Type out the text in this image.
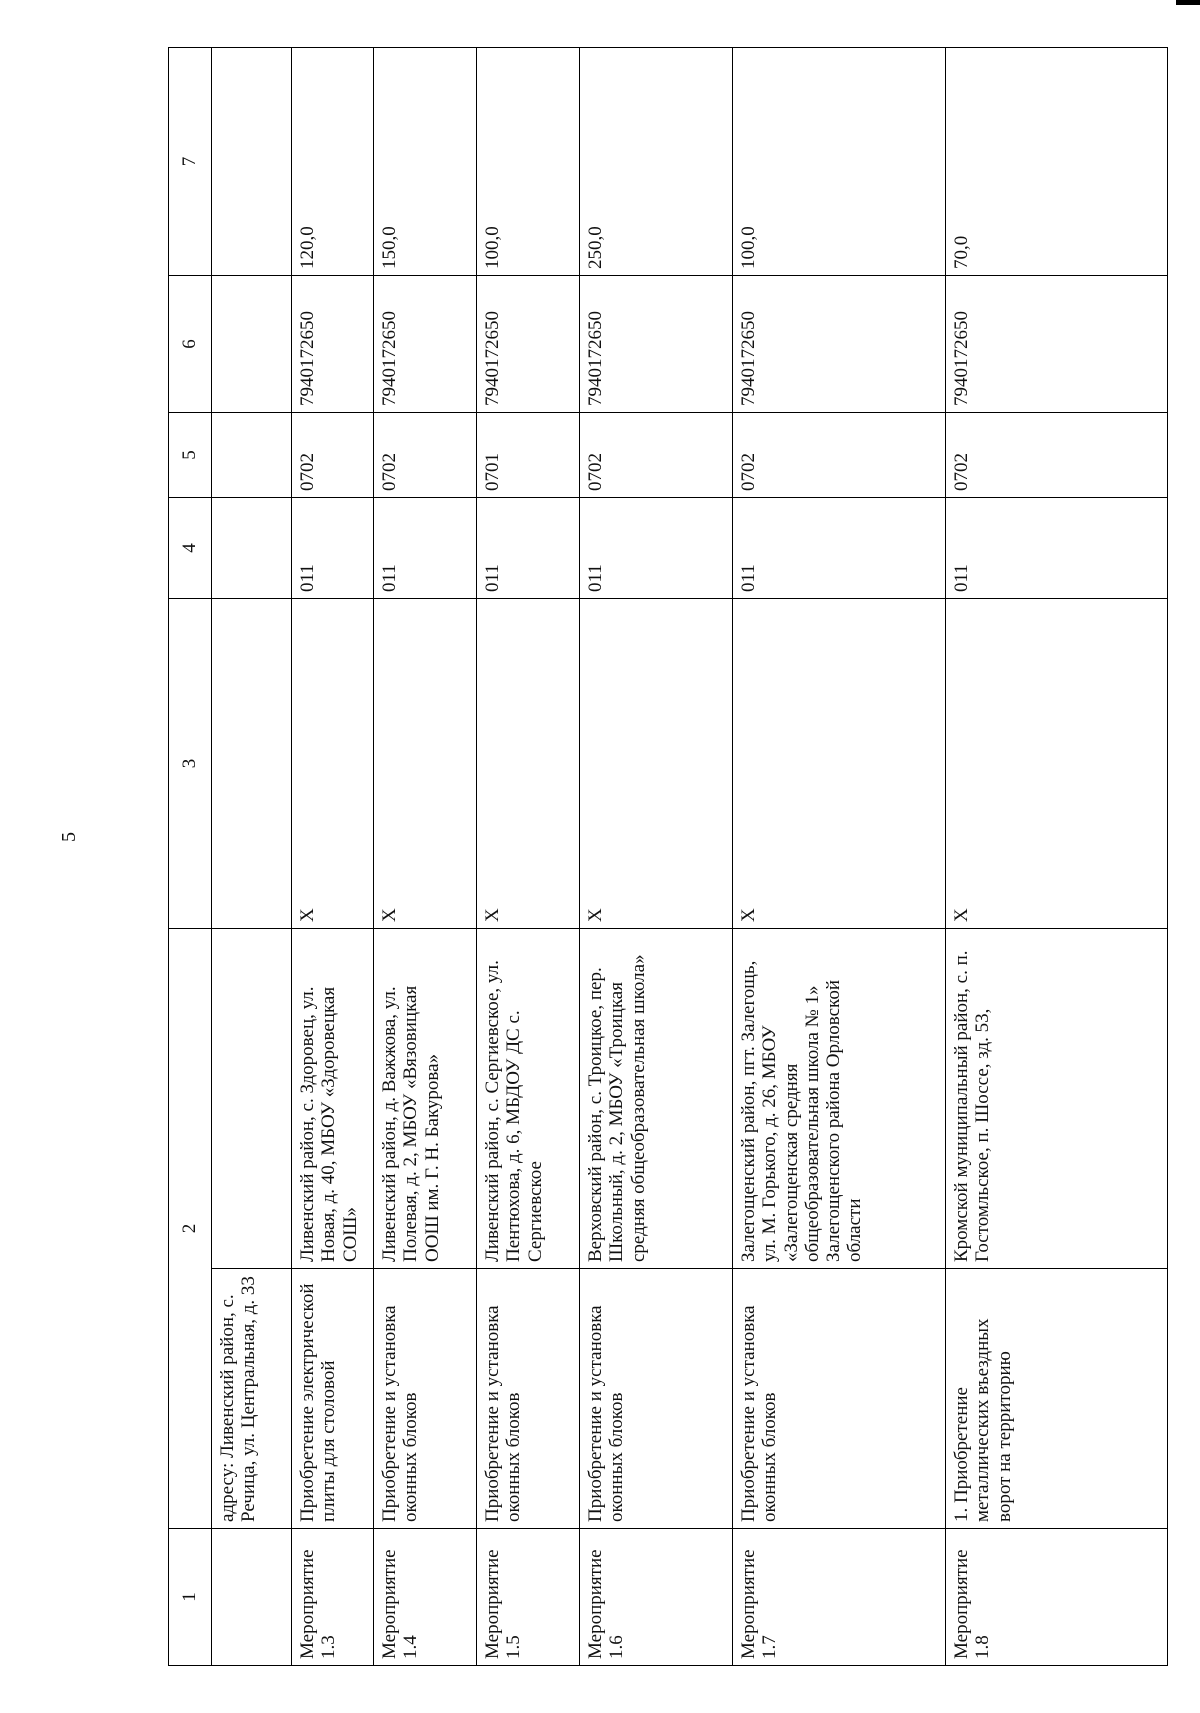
5
1	2		3	4	5	6	7
	адресу: Ливенский район, с. Речица, ул. Центральная, д. 33						
Мероприятие 1.3	Приобретение электрической плиты для столовой	Ливенский район, с. Здоровец, ул. Новая, д. 40, МБОУ «Здоровецкая СОШ»	Х	011	0702	7940172650	120,0
Мероприятие 1.4	Приобретение и установка оконных блоков	Ливенский район, д. Важжова, ул. Полевая, д. 2, МБОУ «Вязовицкая ООШ им. Г. Н. Бакурова»	Х	011	0702	7940172650	150,0
Мероприятие 1.5	Приобретение и установка оконных блоков	Ливенский район, с. Сергиевское, ул. Пентюхова, д. 6, МБДОУ ДС с. Сергиевское	Х	011	0701	7940172650	100,0
Мероприятие 1.6	Приобретение и установка оконных блоков	Верховский район, с. Троицкое, пер. Школьный, д. 2, МБОУ «Троицкая средняя общеобразовательная школа»	Х	011	0702	7940172650	250,0
Мероприятие 1.7	Приобретение и установка оконных блоков	Залегощенский район, пгт. Залегощь, ул. М. Горького, д. 26, МБОУ «Залегощенская средняя общеобразовательная школа № 1» Залегощенского района Орловской области	Х	011	0702	7940172650	100,0
Мероприятие 1.8	1. Приобретение металлических въездных ворот на территорию	Кромской муниципальный район, с. п. Гостомльское, п. Шоссе, зд. 53,	Х	011	0702	7940172650	70,0
